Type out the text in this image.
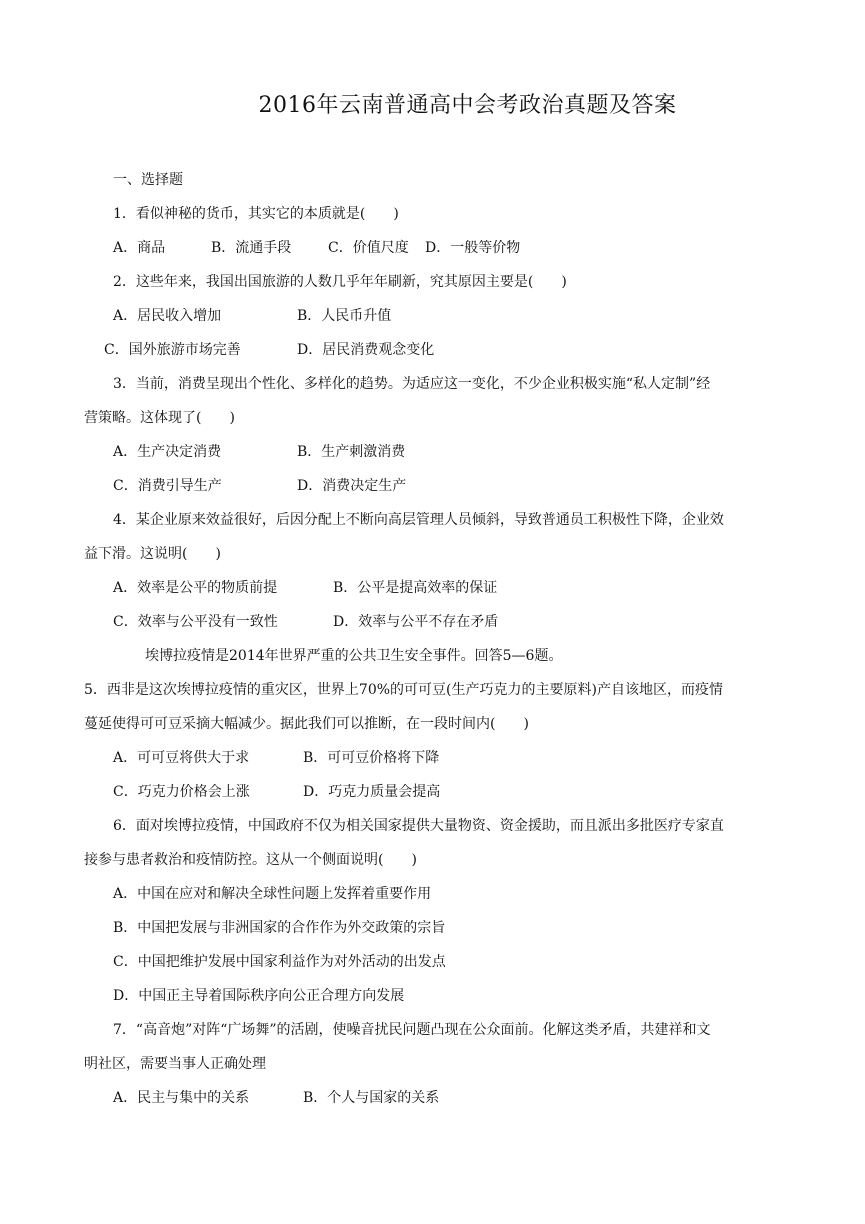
2016年云南普通高中会考政治真题及答案
一、选择题
1．看似神秘的货币，其实它的本质就是(　　)
A．商品	B．流通手段	C．价值尺度 D．一般等价物
2．这些年来，我国出国旅游的人数几乎年年刷新，究其原因主要是(　　)
A．居民收入增加	B．人民币升值
C．国外旅游市场完善	D．居民消费观念变化
3．当前，消费呈现出个性化、多样化的趋势。为适应这一变化，不少企业积极实施“私人定制”经
营策略。这体现了(　　)
A．生产决定消费	B．生产刺激消费
C．消费引导生产	D．消费决定生产
4．某企业原来效益很好，后因分配上不断向高层管理人员倾斜，导致普通员工积极性下降，企业效
益下滑。这说明(　　)
A．效率是公平的物质前提	B．公平是提高效率的保证
C．效率与公平没有一致性	D．效率与公平不存在矛盾
埃博拉疫情是2014年世界严重的公共卫生安全事件。回答5—6题。
5．西非是这次埃博拉疫情的重灾区，世界上70%的可可豆(生产巧克力的主要原料)产自该地区，而疫情
蔓延使得可可豆采摘大幅减少。据此我们可以推断，在一段时间内(　　)
A．可可豆将供大于求	B．可可豆价格将下降
C．巧克力价格会上涨	D．巧克力质量会提高
6．面对埃博拉疫情，中国政府不仅为相关国家提供大量物资、资金援助，而且派出多批医疗专家直
接参与患者救治和疫情防控。这从一个侧面说明(　　)
A．中国在应对和解决全球性问题上发挥着重要作用
B．中国把发展与非洲国家的合作作为外交政策的宗旨
C．中国把维护发展中国家利益作为对外活动的出发点
D．中国正主导着国际秩序向公正合理方向发展
7．“高音炮”对阵“广场舞”的活剧，使噪音扰民问题凸现在公众面前。化解这类矛盾，共建祥和文
明社区，需要当事人正确处理
A．民主与集中的关系	B．个人与国家的关系
